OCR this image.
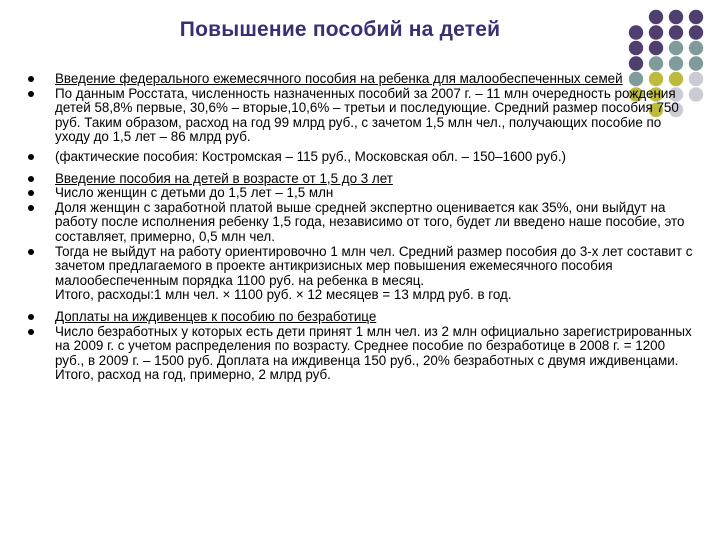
Повышение пособий на детей
Введение федерального ежемесячного пособия на ребенка для малообеспеченных семей
По данным Росстата, численность назначенных пособий за 2007 г. – 11 млн очередность рождения детей 58,8% первые, 30,6% – вторые,10,6% – третьи и последующие. Средний размер пособия 750 руб. Таким образом, расход на год 99 млрд руб., с зачетом 1,5 млн чел., получающих пособие по уходу до 1,5 лет – 86 млрд руб.
(фактические пособия: Костромская – 115 руб., Московская обл. – 150–1600 руб.)
Введение пособия на детей в возрасте от 1,5 до 3 лет
Число женщин с детьми до 1,5 лет – 1,5 млн
Доля женщин с заработной платой выше средней экспертно оценивается как 35%, они выйдут на работу после исполнения ребенку 1,5 года, независимо от того, будет ли введено наше пособие, это составляет, примерно, 0,5 млн чел.
Тогда не выйдут на работу ориентировочно 1 млн чел. Средний размер пособия до 3-х лет составит с зачетом предлагаемого в проекте антикризисных мер повышения ежемесячного пособия малообеспеченным порядка 1100 руб. на ребенка в месяц.
Итого, расходы:1 млн чел. × 1100 руб. × 12 месяцев = 13 млрд руб. в год.
Доплаты на иждивенцев к пособию по безработице
Число безработных у которых есть дети принят 1 млн чел. из 2 млн официально зарегистрированных на 2009 г. с учетом распределения по возрасту. Среднее пособие по безработице в 2008 г. = 1200 руб., в 2009 г. – 1500 руб. Доплата на иждивенца 150 руб., 20% безработных с двумя иждивенцами. Итого, расход на год, примерно, 2 млрд руб.
